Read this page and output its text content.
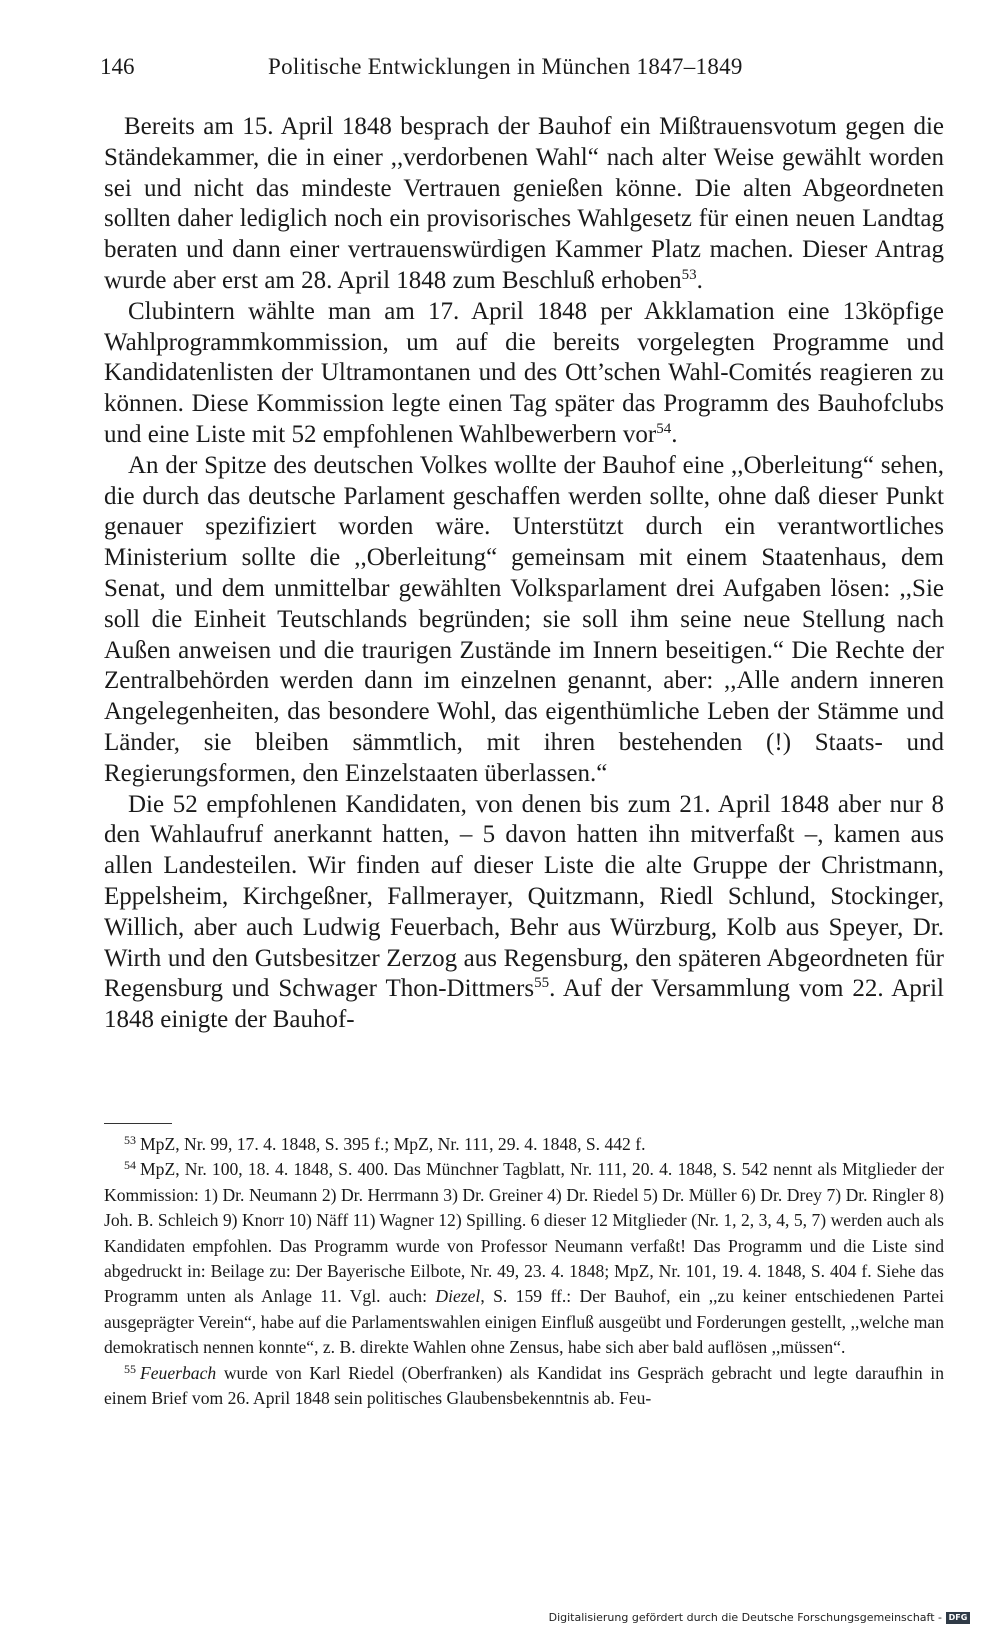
146	Politische Entwicklungen in München 1847–1849

Bereits am 15. April 1848 besprach der Bauhof ein Mißtrauensvotum gegen die Ständekammer, die in einer ,,verdorbenen Wahl“ nach alter Weise gewählt worden sei und nicht das mindeste Vertrauen genießen könne. Die alten Abgeordneten sollten daher lediglich noch ein provisorisches Wahlgesetz für einen neuen Landtag beraten und dann einer vertrauenswürdigen Kammer Platz machen. Dieser Antrag wurde aber erst am 28. April 1848 zum Beschluß erhoben$^{53}$.

Clubintern wählte man am 17. April 1848 per Akklamation eine 13köpfige Wahlprogrammkommission, um auf die bereits vorgelegten Programme und Kandidatenlisten der Ultramontanen und des Ott’schen Wahl-Comités reagieren zu können. Diese Kommission legte einen Tag später das Programm des Bauhofclubs und eine Liste mit 52 empfohlenen Wahlbewerbern vor$^{54}$.

An der Spitze des deutschen Volkes wollte der Bauhof eine ,,Oberleitung“ sehen, die durch das deutsche Parlament geschaffen werden sollte, ohne daß dieser Punkt genauer spezifiziert worden wäre. Unterstützt durch ein verantwortliches Ministerium sollte die ,,Oberleitung“ gemeinsam mit einem Staatenhaus, dem Senat, und dem unmittelbar gewählten Volksparlament drei Aufgaben lösen: ,,Sie soll die Einheit Teutschlands begründen; sie soll ihm seine neue Stellung nach Außen anweisen und die traurigen Zustände im Innern beseitigen.“ Die Rechte der Zentralbehörden werden dann im einzelnen genannt, aber: ,,Alle andern inneren Angelegenheiten, das besondere Wohl, das eigenthümliche Leben der Stämme und Länder, sie bleiben sämmtlich, mit ihren bestehenden (!) Staats- und Regierungsformen, den Einzelstaaten überlassen.“

Die 52 empfohlenen Kandidaten, von denen bis zum 21. April 1848 aber nur 8 den Wahlaufruf anerkannt hatten, – 5 davon hatten ihn mitverfaßt –, kamen aus allen Landesteilen. Wir finden auf dieser Liste die alte Gruppe der Christmann, Eppelsheim, Kirchgeßner, Fallmerayer, Quitzmann, Riedl Schlund, Stockinger, Willich, aber auch Ludwig Feuerbach, Behr aus Würzburg, Kolb aus Speyer, Dr. Wirth und den Gutsbesitzer Zerzog aus Regensburg, den späteren Abgeordneten für Regensburg und Schwager Thon-Dittmers$^{55}$. Auf der Versammlung vom 22. April 1848 einigte der Bauhof-

$^{53}$ MpZ, Nr. 99, 17. 4. 1848, S. 395 f.; MpZ, Nr. 111, 29. 4. 1848, S. 442 f.

$^{54}$ MpZ, Nr. 100, 18. 4. 1848, S. 400. Das Münchner Tagblatt, Nr. 111, 20. 4. 1848, S. 542 nennt als Mitglieder der Kommission: 1) Dr. Neumann 2) Dr. Herrmann 3) Dr. Greiner 4) Dr. Riedel 5) Dr. Müller 6) Dr. Drey 7) Dr. Ringler 8) Joh. B. Schleich 9) Knorr 10) Näff 11) Wagner 12) Spilling. 6 dieser 12 Mitglieder (Nr. 1, 2, 3, 4, 5, 7) werden auch als Kandidaten empfohlen. Das Programm wurde von Professor Neumann verfaßt! Das Programm und die Liste sind abgedruckt in: Beilage zu: Der Bayerische Eilbote, Nr. 49, 23. 4. 1848; MpZ, Nr. 101, 19. 4. 1848, S. 404 f. Siehe das Programm unten als Anlage 11. Vgl. auch: Diezel, S. 159 ff.: Der Bauhof, ein ,,zu keiner entschiedenen Partei ausgeprägter Verein“, habe auf die Parlamentswahlen einigen Einfluß ausgeübt und Forderungen gestellt, ,,welche man demokratisch nennen konnte“, z. B. direkte Wahlen ohne Zensus, habe sich aber bald auflösen ,,müssen“.

$^{55}$ Feuerbach wurde von Karl Riedel (Oberfranken) als Kandidat ins Gespräch gebracht und legte daraufhin in einem Brief vom 26. April 1848 sein politisches Glaubensbekenntnis ab. Feu-

Digitalisierung gefördert durch die Deutsche Forschungsgemeinschaft - DFG
